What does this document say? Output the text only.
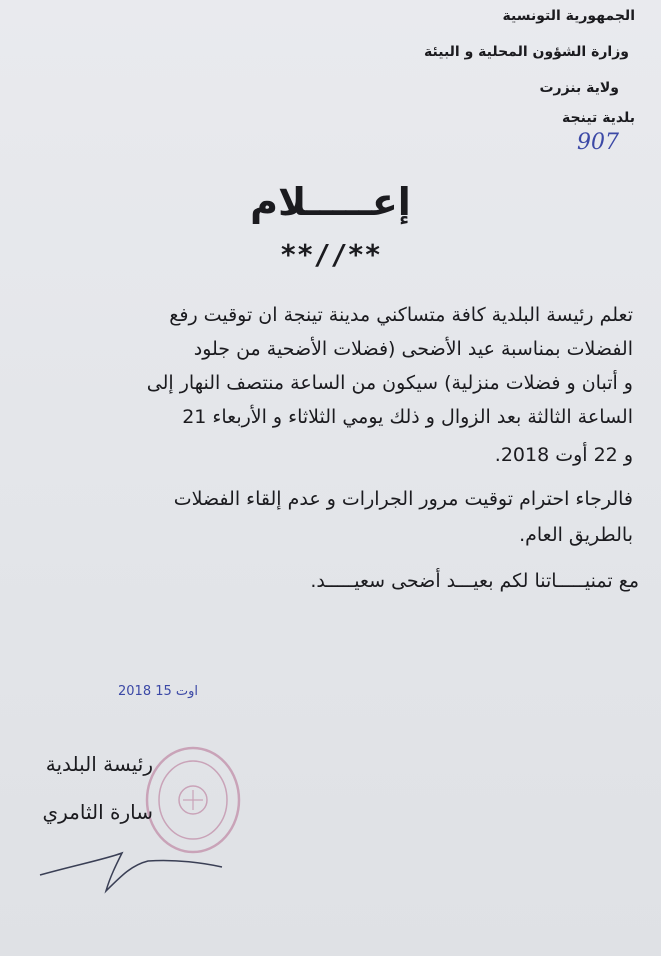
الجمهورية التونسية
وزارة الشؤون المحلية و البيئة
ولاية بنزرت
بلدية تينجة
907
إعـــــلام
**//**
تعلم رئيسة البلدية كافة متساكني مدينة تينجة ان توقيت رفع
الفضلات بمناسبة عيد الأضحى (فضلات الأضحية من جلود
و أتبان و فضلات منزلية) سيكون من الساعة منتصف النهار إلى
الساعة الثالثة بعد الزوال و ذلك يومي الثلاثاء و الأربعاء 21
و 22 أوت 2018.
فالرجاء احترام توقيت مرور الجرارات و عدم إلقاء الفضلات
بالطريق العام.
مع تمنيـــــاتنا لكم بعيـــد أضحى سعيـــــد.
2018 اوت 15
رئيسة البلدية
سارة الثامري
